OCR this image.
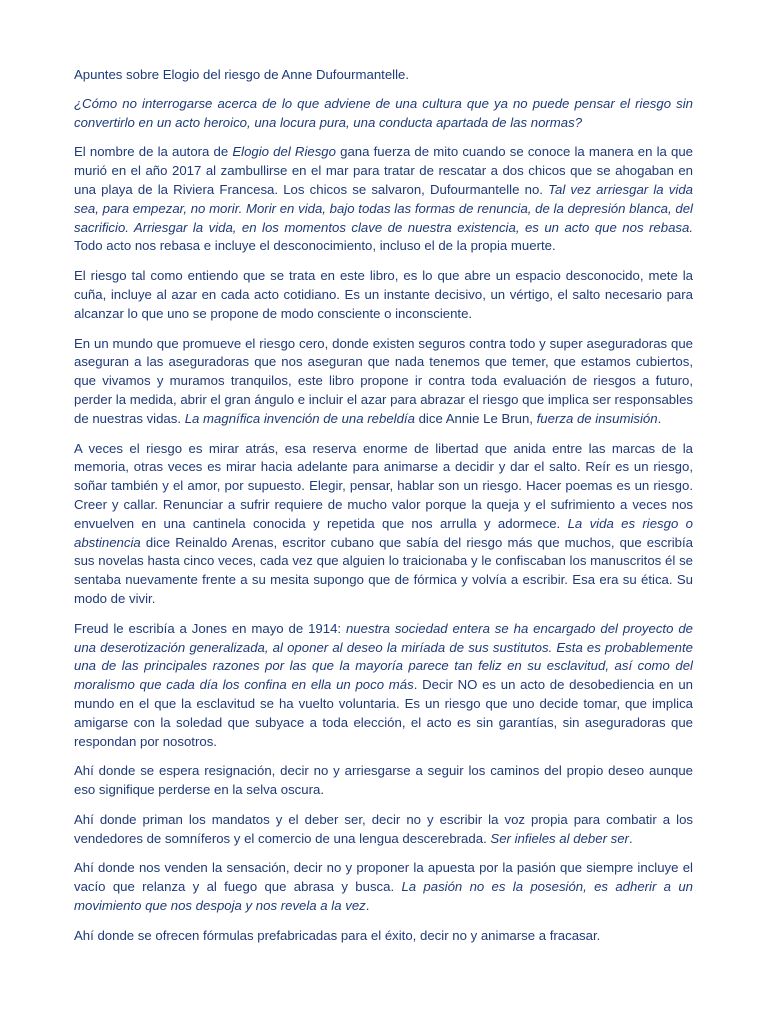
Apuntes sobre Elogio del riesgo de Anne Dufourmantelle.

¿Cómo no interrogarse acerca de lo que adviene de una cultura que ya no puede pensar el riesgo sin convertirlo en un acto heroico, una locura pura, una conducta apartada de las normas?

El nombre de la autora de Elogio del Riesgo gana fuerza de mito cuando se conoce la manera en la que murió en el año 2017 al zambullirse en el mar para tratar de rescatar a dos chicos que se ahogaban en una playa de la Riviera Francesa. Los chicos se salvaron, Dufourmantelle no. Tal vez arriesgar la vida sea, para empezar, no morir. Morir en vida, bajo todas las formas de renuncia, de la depresión blanca, del sacrificio. Arriesgar la vida, en los momentos clave de nuestra existencia, es un acto que nos rebasa. Todo acto nos rebasa e incluye el desconocimiento, incluso el de la propia muerte.

El riesgo tal como entiendo que se trata en este libro, es lo que abre un espacio desconocido, mete la cuña, incluye al azar en cada acto cotidiano. Es un instante decisivo, un vértigo, el salto necesario para alcanzar lo que uno se propone de modo consciente o inconsciente.

En un mundo que promueve el riesgo cero, donde existen seguros contra todo y super aseguradoras que aseguran a las aseguradoras que nos aseguran que nada tenemos que temer, que estamos cubiertos, que vivamos y muramos tranquilos, este libro propone ir contra toda evaluación de riesgos a futuro, perder la medida, abrir el gran ángulo e incluir el azar para abrazar el riesgo que implica ser responsables de nuestras vidas. La magnífica invención de una rebeldía dice Annie Le Brun, fuerza de insumisión.

A veces el riesgo es mirar atrás, esa reserva enorme de libertad que anida entre las marcas de la memoria, otras veces es mirar hacia adelante para animarse a decidir y dar el salto. Reír es un riesgo, soñar también y el amor, por supuesto. Elegir, pensar, hablar son un riesgo. Hacer poemas es un riesgo. Creer y callar. Renunciar a sufrir requiere de mucho valor porque la queja y el sufrimiento a veces nos envuelven en una cantinela conocida y repetida que nos arrulla y adormece. La vida es riesgo o abstinencia dice Reinaldo Arenas, escritor cubano que sabía del riesgo más que muchos, que escribía sus novelas hasta cinco veces, cada vez que alguien lo traicionaba y le confiscaban los manuscritos él se sentaba nuevamente frente a su mesita supongo que de fórmica y volvía a escribir. Esa era su ética. Su modo de vivir.

Freud le escribía a Jones en mayo de 1914: nuestra sociedad entera se ha encargado del proyecto de una deserotización generalizada, al oponer al deseo la miríada de sus sustitutos. Esta es probablemente una de las principales razones por las que la mayoría parece tan feliz en su esclavitud, así como del moralismo que cada día los confina en ella un poco más. Decir NO es un acto de desobediencia en un mundo en el que la esclavitud se ha vuelto voluntaria. Es un riesgo que uno decide tomar, que implica amigarse con la soledad que subyace a toda elección, el acto es sin garantías, sin aseguradoras que respondan por nosotros.

Ahí donde se espera resignación, decir no y arriesgarse a seguir los caminos del propio deseo aunque eso signifique perderse en la selva oscura.

Ahí donde priman los mandatos y el deber ser, decir no y escribir la voz propia para combatir a los vendedores de somníferos y el comercio de una lengua descerebrada. Ser infieles al deber ser.

Ahí donde nos venden la sensación, decir no y proponer la apuesta por la pasión que siempre incluye el vacío que relanza y al fuego que abrasa y busca. La pasión no es la posesión, es adherir a un movimiento que nos despoja y nos revela a la vez.

Ahí donde se ofrecen fórmulas prefabricadas para el éxito, decir no y animarse a fracasar.
